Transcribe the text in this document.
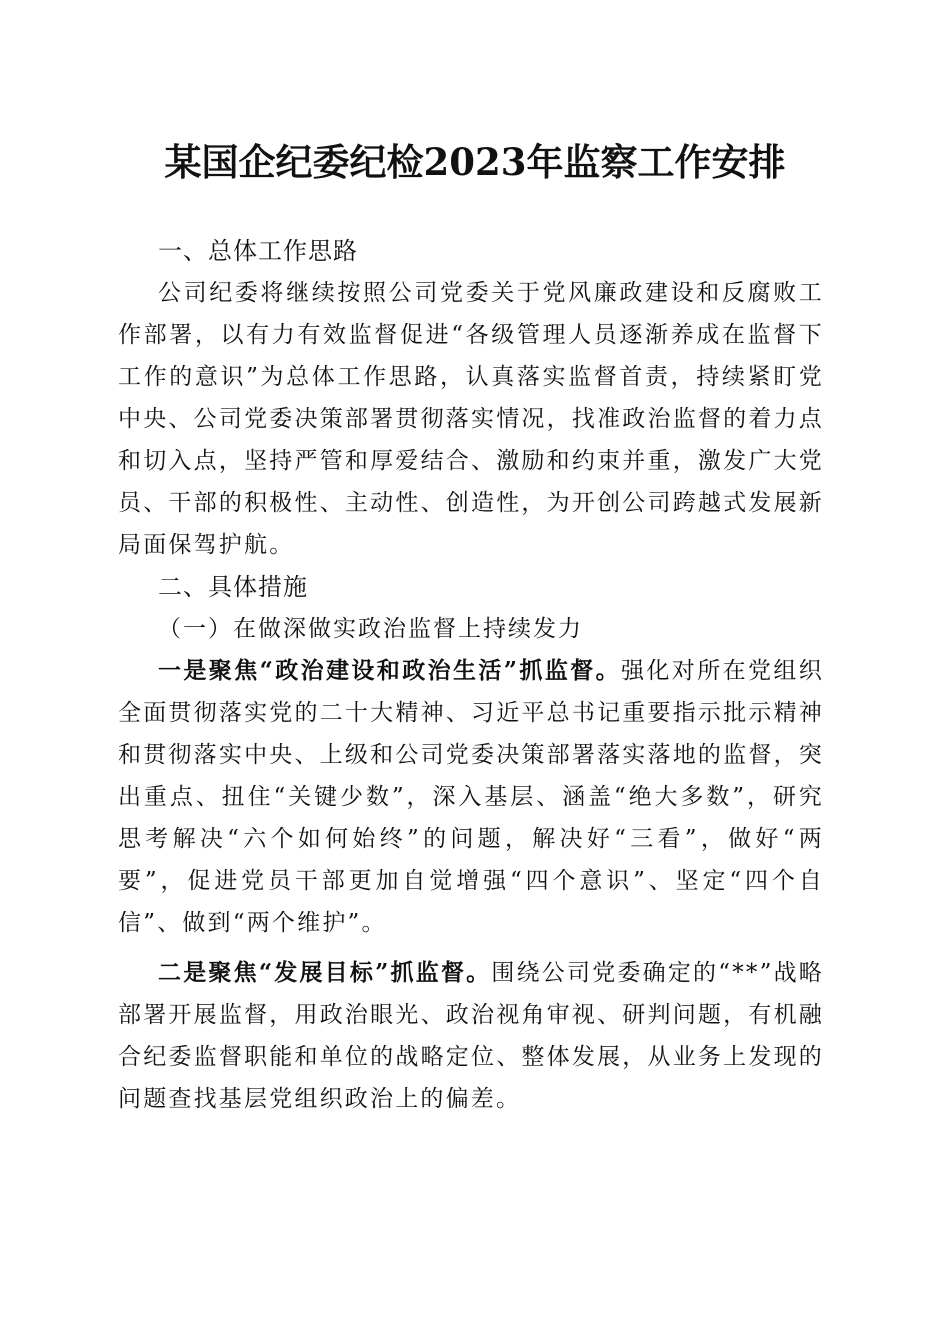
某国企纪委纪检2023年监察工作安排

一、总体工作思路

公司纪委将继续按照公司党委关于党风廉政建设和反腐败工作部署，以有力有效监督促进“各级管理人员逐渐养成在监督下工作的意识”为总体工作思路，认真落实监督首责，持续紧盯党中央、公司党委决策部署贯彻落实情况，找准政治监督的着力点和切入点，坚持严管和厚爱结合、激励和约束并重，激发广大党员、干部的积极性、主动性、创造性，为开创公司跨越式发展新局面保驾护航。

二、具体措施

（一）在做深做实政治监督上持续发力

一是聚焦“政治建设和政治生活”抓监督。强化对所在党组织全面贯彻落实党的二十大精神、习近平总书记重要指示批示精神和贯彻落实中央、上级和公司党委决策部署落实落地的监督，突出重点、扭住“关键少数”，深入基层、涵盖“绝大多数”，研究思考解决“六个如何始终”的问题，解决好“三看”，做好“两要”，促进党员干部更加自觉增强“四个意识”、坚定“四个自信”、做到“两个维护”。

二是聚焦“发展目标”抓监督。围绕公司党委确定的“**”战略部署开展监督，用政治眼光、政治视角审视、研判问题，有机融合纪委监督职能和单位的战略定位、整体发展，从业务上发现的问题查找基层党组织政治上的偏差。
